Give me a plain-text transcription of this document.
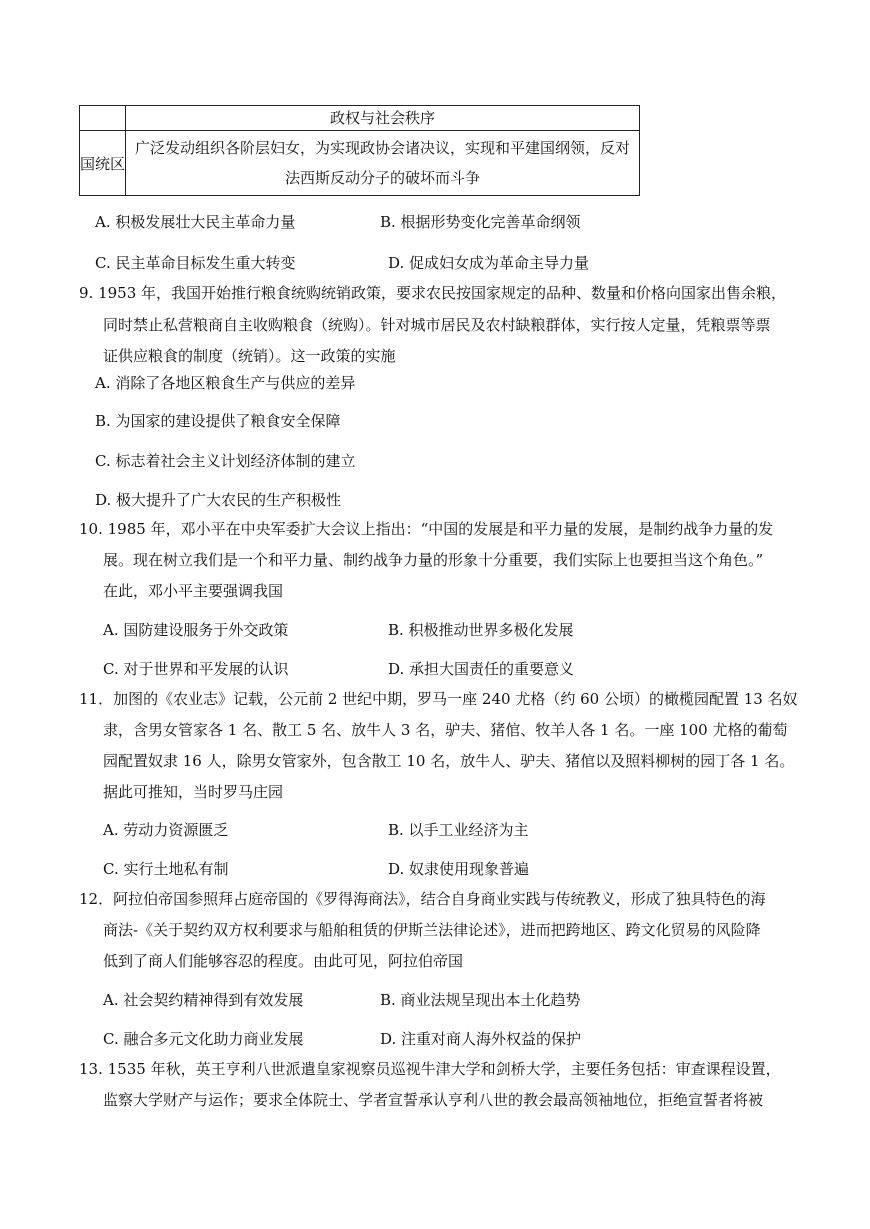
	政权与社会秩序
国统区	广泛发动组织各阶层妇女，为实现政协会诸决议，实现和平建国纲领，反对
法西斯反动分子的破坏而斗争
A. 积极发展壮大民主革命力量	B. 根据形势变化完善革命纲领
C. 民主革命目标发生重大转变	D. 促成妇女成为革命主导力量
9. 1953 年，我国开始推行粮食统购统销政策，要求农民按国家规定的品种、数量和价格向国家出售余粮，
同时禁止私营粮商自主收购粮食（统购）。针对城市居民及农村缺粮群体，实行按人定量，凭粮票等票
证供应粮食的制度（统销）。这一政策的实施
A. 消除了各地区粮食生产与供应的差异
B. 为国家的建设提供了粮食安全保障
C. 标志着社会主义计划经济体制的建立
D. 极大提升了广大农民的生产积极性
10. 1985 年，邓小平在中央军委扩大会议上指出：“中国的发展是和平力量的发展，是制约战争力量的发
展。现在树立我们是一个和平力量、制约战争力量的形象十分重要，我们实际上也要担当这个角色。”
在此，邓小平主要强调我国
A. 国防建设服务于外交政策	B. 积极推动世界多极化发展
C. 对于世界和平发展的认识	D. 承担大国责任的重要意义
11．加图的《农业志》记载，公元前 2 世纪中期，罗马一座 240 尤格（约 60 公顷）的橄榄园配置 13 名奴
隶，含男女管家各 1 名、散工 5 名、放牛人 3 名，驴夫、猪倌、牧羊人各 1 名。一座 100 尤格的葡萄
园配置奴隶 16 人，除男女管家外，包含散工 10 名，放牛人、驴夫、猪倌以及照料柳树的园丁各 1 名。
据此可推知，当时罗马庄园
A. 劳动力资源匮乏	B. 以手工业经济为主
C. 实行土地私有制	D. 奴隶使用现象普遍
12．阿拉伯帝国参照拜占庭帝国的《罗得海商法》，结合自身商业实践与传统教义，形成了独具特色的海
商法-《关于契约双方权利要求与船舶租赁的伊斯兰法律论述》，进而把跨地区、跨文化贸易的风险降
低到了商人们能够容忍的程度。由此可见，阿拉伯帝国
A. 社会契约精神得到有效发展	B. 商业法规呈现出本土化趋势
C. 融合多元文化助力商业发展	D. 注重对商人海外权益的保护
13. 1535 年秋，英王亨利八世派遣皇家视察员巡视牛津大学和剑桥大学，主要任务包括：审查课程设置，
监察大学财产与运作；要求全体院士、学者宣誓承认亨利八世的教会最高领袖地位，拒绝宣誓者将被
